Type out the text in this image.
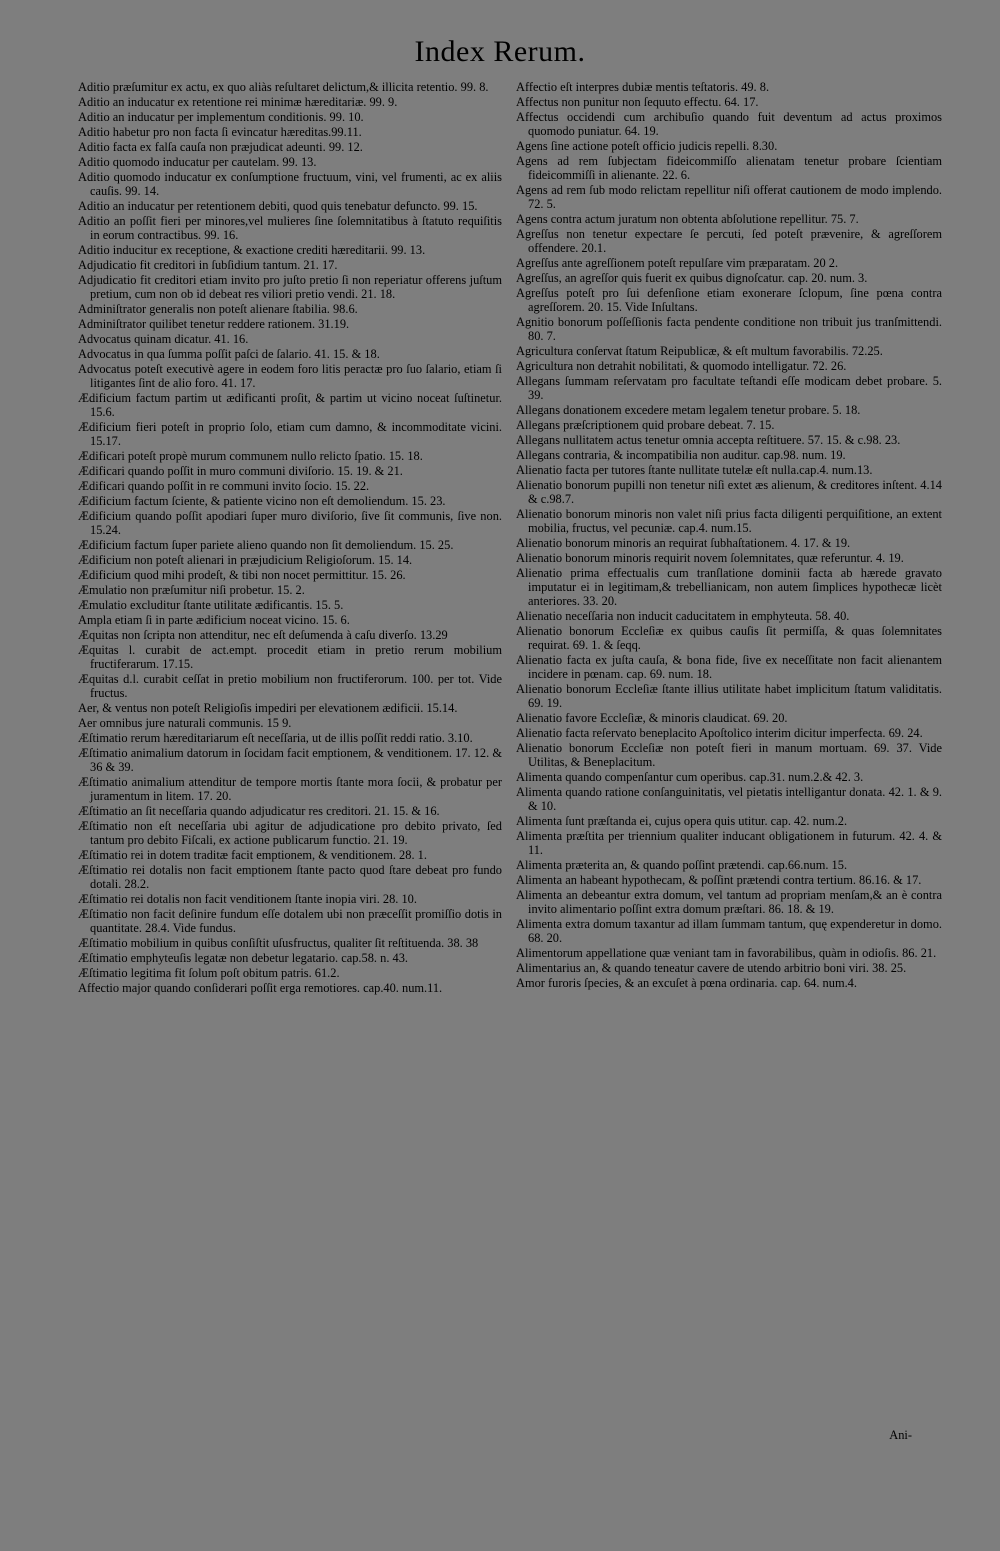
Index Rerum.
Aditio præſumitur ex actu, ex quo aliàs reſultaret delictum,& illicita retentio. 99. 8.
Aditio an inducatur ex retentione rei minimæ hæreditariæ. 99. 9.
Aditio an inducatur per implementum conditionis. 99. 10.
Aditio habetur pro non facta ſi evincatur hæreditas.99.11.
Aditio facta ex falſa cauſa non præjudicat adeunti. 99. 12.
Aditio quomodo inducatur per cautelam. 99. 13.
Aditio quomodo inducatur ex conſumptione fructuum, vini, vel frumenti, ac ex aliis cauſis. 99. 14.
Aditio an inducatur per retentionem debiti, quod quis tenebatur defuncto. 99. 15.
Aditio an poſſit fieri per minores,vel mulieres ſine ſolemnitatibus à ſtatuto requiſitis in eorum contractibus. 99. 16.
Aditio inducitur ex receptione, & exactione crediti hæreditarii. 99. 13.
Adjudicatio fit creditori in ſubſidium tantum. 21. 17.
Adjudicatio fit creditori etiam invito pro juſto pretio ſi non reperiatur offerens juſtum pretium, cum non ob id debeat res viliori pretio vendi. 21. 18.
Adminiſtrator generalis non poteſt alienare ſtabilia. 98.6.
Adminiſtrator quilibet tenetur reddere rationem. 31.19.
Advocatus quinam dicatur. 41. 16.
Advocatus in qua ſumma poſſit paſci de ſalario. 41. 15. & 18.
Advocatus poteſt executivè agere in eodem foro litis peractæ pro ſuo ſalario, etiam ſi litigantes ſint de alio foro. 41. 17.
Ædificium factum partim ut ædificanti proſit, & partim ut vicino noceat ſuſtinetur. 15.6.
Ædificium fieri poteſt in proprio ſolo, etiam cum damno, & incommoditate vicini. 15.17.
Ædificari poteſt propè murum communem nullo relicto ſpatio. 15. 18.
Ædificari quando poſſit in muro communi diviſorio. 15. 19. & 21.
Ædificari quando poſſit in re communi invito ſocio. 15. 22.
Ædificium factum ſciente, & patiente vicino non eſt demoliendum. 15. 23.
Ædificium quando poſſit apodiari ſuper muro diviſorio, ſive ſit communis, ſive non. 15.24.
Ædificium factum ſuper pariete alieno quando non ſit demoliendum. 15. 25.
Ædificium non poteſt alienari in præjudicium Religioſorum. 15. 14.
Ædificium quod mihi prodeſt, & tibi non nocet permittitur. 15. 26.
Æmulatio non præſumitur niſi probetur. 15. 2.
Æmulatio excluditur ſtante utilitate ædificantis. 15. 5.
Ampla etiam ſi in parte ædificium noceat vicino. 15. 6.
Æquitas non ſcripta non attenditur, nec eſt deſumenda à caſu diverſo. 13.29
Æquitas l. curabit de act.empt. procedit etiam in pretio rerum mobilium fructiferarum. 17.15.
Æquitas d.l. curabit ceſſat in pretio mobilium non fructiferorum. 100. per tot. Vide fructus.
Aer, & ventus non poteſt Religioſis impediri per elevationem ædificii. 15.14.
Aer omnibus jure naturali communis. 15 9.
Æſtimatio rerum hæreditariarum eſt neceſſaria, ut de illis poſſit reddi ratio. 3.10.
Æſtimatio animalium datorum in ſocidam facit emptionem, & venditionem. 17. 12. & 36 & 39.
Æſtimatio animalium attenditur de tempore mortis ſtante mora ſocii, & probatur per juramentum in litem. 17. 20.
Æſtimatio an ſit neceſſaria quando adjudicatur res creditori. 21. 15. & 16.
Æſtimatio non eſt neceſſaria ubi agitur de adjudicatione pro debito privato, ſed tantum pro debito Fiſcali, ex actione publicarum functio. 21. 19.
Æſtimatio rei in dotem traditæ facit emptionem, & venditionem. 28. 1.
Æſtimatio rei dotalis non facit emptionem ſtante pacto quod ſtare debeat pro fundo dotali. 28.2.
Æſtimatio rei dotalis non facit venditionem ſtante inopia viri. 28. 10.
Æſtimatio non facit deſinire fundum eſſe dotalem ubi non præceſſit promiſſio dotis in quantitate. 28.4. Vide fundus.
Æſtimatio mobilium in quibus conſiſtit uſusfructus, qualiter ſit reſtituenda. 38. 38
Æſtimatio emphyteuſis legatæ non debetur legatario. cap.58. n. 43.
Æſtimatio legitima fit ſolum poſt obitum patris. 61.2.
Affectio major quando conſiderari poſſit erga remotiores. cap.40. num.11.
Affectio eſt interpres dubiæ mentis teſtatoris. 49. 8.
Affectus non punitur non ſequuto effectu. 64. 17.
Affectus occidendi cum archibuſio quando fuit deventum ad actus proximos quomodo puniatur. 64. 19.
Agens ſine actione poteſt officio judicis repelli. 8.30.
Agens ad rem ſubjectam fideicommiſſo alienatam tenetur probare ſcientiam fideicommiſſi in alienante. 22. 6.
Agens ad rem ſub modo relictam repellitur niſi offerat cautionem de modo implendo. 72. 5.
Agens contra actum juratum non obtenta abſolutione repellitur. 75. 7.
Agreſſus non tenetur expectare ſe percuti, ſed poteſt prævenire, & agreſſorem offendere. 20.1.
Agreſſus ante agreſſionem poteſt repulſare vim præparatam. 20 2.
Agreſſus, an agreſſor quis fuerit ex quibus dignoſcatur. cap. 20. num. 3.
Agreſſus poteſt pro ſui defenſione etiam exonerare ſclopum, ſine pœna contra agreſſorem. 20. 15. Vide Inſultans.
Agnitio bonorum poſſeſſionis facta pendente conditione non tribuit jus tranſmittendi. 80. 7.
Agricultura conſervat ſtatum Reipublicæ, & eſt multum favorabilis. 72.25.
Agricultura non detrahit nobilitati, & quomodo intelligatur. 72. 26.
Allegans ſummam reſervatam pro facultate teſtandi eſſe modicam debet probare. 5. 39.
Allegans donationem excedere metam legalem tenetur probare. 5. 18.
Allegans præſcriptionem quid probare debeat. 7. 15.
Allegans nullitatem actus tenetur omnia accepta reſtituere. 57. 15. & c.98. 23.
Allegans contraria, & incompatibilia non auditur. cap.98. num. 19.
Alienatio facta per tutores ſtante nullitate tutelæ eſt nulla.cap.4. num.13.
Alienatio bonorum pupilli non tenetur niſi extet æs alienum, & creditores inſtent. 4.14 & c.98.7.
Alienatio bonorum minoris non valet niſi prius facta diligenti perquiſitione, an extent mobilia, fructus, vel pecuniæ. cap.4. num.15.
Alienatio bonorum minoris an requirat ſubhaſtationem. 4. 17. & 19.
Alienatio bonorum minoris requirit novem ſolemnitates, quæ referuntur. 4. 19.
Alienatio prima effectualis cum tranſlatione dominii facta ab hærede gravato imputatur ei in legitimam,& trebellianicam, non autem ſimplices hypothecæ licèt anteriores. 33. 20.
Alienatio neceſſaria non inducit caducitatem in emphyteuta. 58. 40.
Alienatio bonorum Eccleſiæ ex quibus cauſis ſit permiſſa, & quas ſolemnitates requirat. 69. 1. & ſeqq.
Alienatio facta ex juſta cauſa, & bona fide, ſive ex neceſſitate non facit alienantem incidere in pœnam. cap. 69. num. 18.
Alienatio bonorum Eccleſiæ ſtante illius utilitate habet implicitum ſtatum validitatis. 69. 19.
Alienatio favore Eccleſiæ, & minoris claudicat. 69. 20.
Alienatio facta reſervato beneplacito Apoſtolico interim dicitur imperfecta. 69. 24.
Alienatio bonorum Eccleſiæ non poteſt fieri in manum mortuam. 69. 37. Vide Utilitas, & Beneplacitum.
Alimenta quando compenſantur cum operibus. cap.31. num.2.& 42. 3.
Alimenta quando ratione conſanguinitatis, vel pietatis intelligantur donata. 42. 1. & 9. & 10.
Alimenta ſunt præſtanda ei, cujus opera quis utitur. cap. 42. num.2.
Alimenta præſtita per triennium qualiter inducant obligationem in futurum. 42. 4. & 11.
Alimenta præterita an, & quando poſſint prætendi. cap.66.num. 15.
Alimenta an habeant hypothecam, & poſſint prætendi contra tertium. 86.16. & 17.
Alimenta an debeantur extra domum, vel tantum ad propriam menſam,& an è contra invito alimentario poſſint extra domum præſtari. 86. 18. & 19.
Alimenta extra domum taxantur ad illam ſummam tantum, quę expenderetur in domo. 68. 20.
Alimentorum appellatione quæ veniant tam in favorabilibus, quàm in odioſis. 86. 21.
Alimentarius an, & quando teneatur cavere de utendo arbitrio boni viri. 38. 25.
Amor furoris ſpecies, & an excuſet à pœna ordinaria. cap. 64. num.4.
Ani-
